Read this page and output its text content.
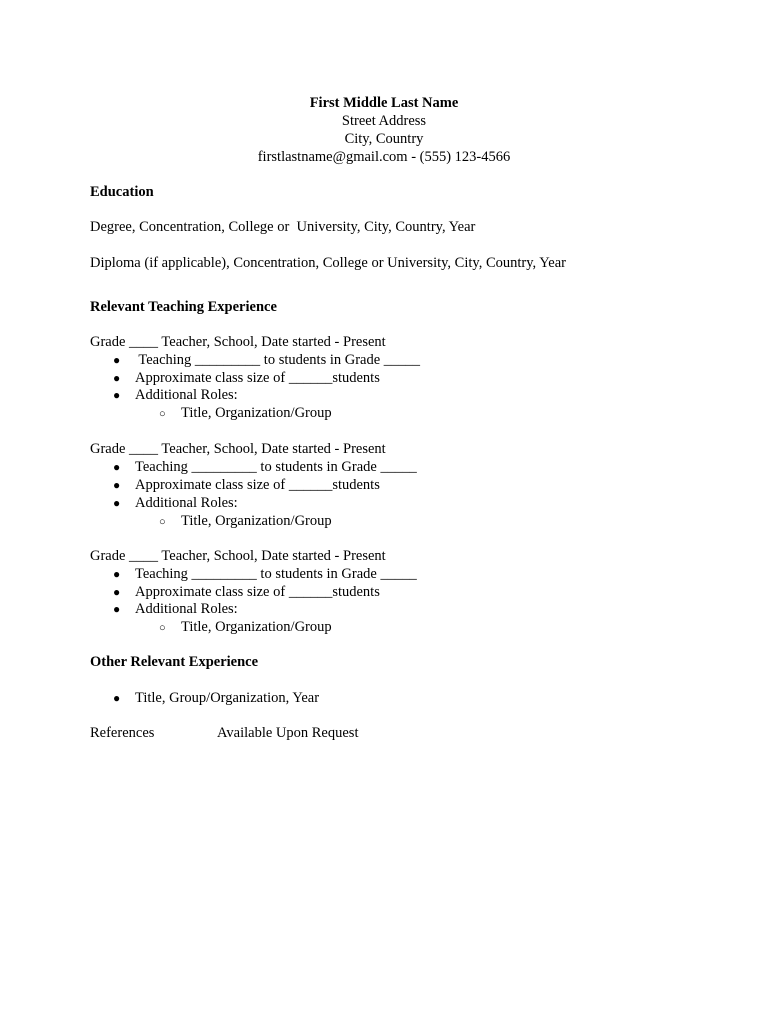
First Middle Last Name
Street Address
City, Country
firstlastname@gmail.com - (555) 123-4566
Education
Degree, Concentration, College or  University, City, Country, Year
Diploma (if applicable), Concentration, College or University, City, Country, Year
Relevant Teaching Experience
Grade ____ Teacher, School, Date started - Present
● Teaching _________ to students in Grade _____
● Approximate class size of ______students
● Additional Roles:
○ Title, Organization/Group
Grade ____ Teacher, School, Date started - Present
● Teaching _________ to students in Grade _____
● Approximate class size of ______students
● Additional Roles:
○ Title, Organization/Group
Grade ____ Teacher, School, Date started - Present
● Teaching _________ to students in Grade _____
● Approximate class size of ______students
● Additional Roles:
○ Title, Organization/Group
Other Relevant Experience
● Title, Group/Organization, Year
References	Available Upon Request
